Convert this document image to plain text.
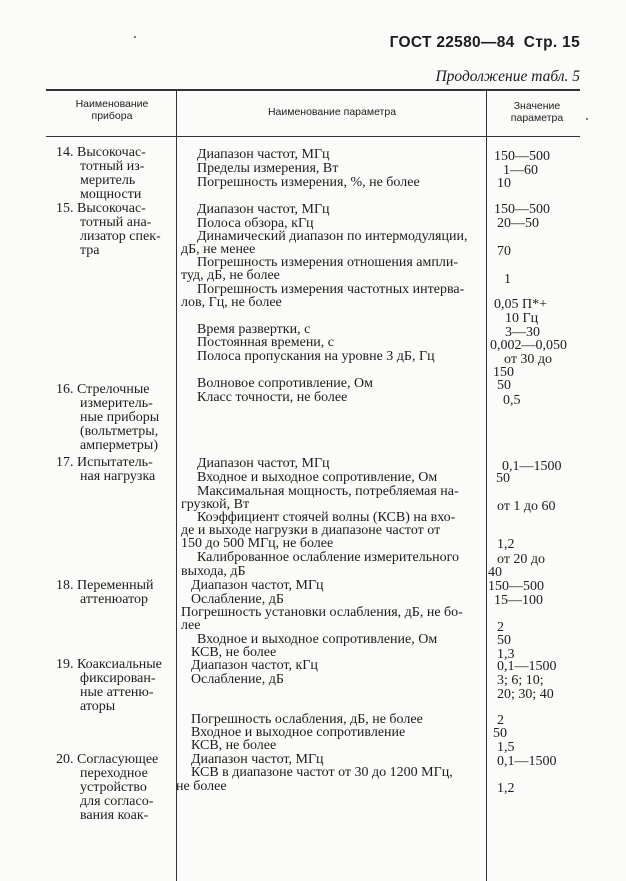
ГОСТ 22580—84 Стр. 15
Продолжение табл. 5
Наименование прибора	Наименование параметра	Значение параметра
14. Высокочас-
тотный из-
меритель
мощности
15. Высокочас-
тотный ана-
лизатор спек-
тра
16. Стрелочные
измеритель-
ные приборы
(вольтметры,
амперметры)
17. Испытатель-
ная нагрузка
18. Переменный
аттенюатор
19. Коаксиальные
фиксирован-
ные аттеню-
аторы
20. Согласующее
переходное
устройство
для согласо-
вания коак-
Диапазон частот, МГц
Пределы измерения, Вт
Погрешность измерения, %, не более
Диапазон частот, МГц
Полоса обзора, кГц
Динамический диапазон по интермодуляции,
дБ, не менее
Погрешность измерения отношения ампли-
туд, дБ, не более
Погрешность измерения частотных интерва-
лов, Гц, не более
Время развертки, с
Постоянная времени, с
Полоса пропускания на уровне 3 дБ, Гц
Волновое сопротивление, Ом
Класс точности, не более
Диапазон частот, МГц
Входное и выходное сопротивление, Ом
Максимальная мощность, потребляемая на-
грузкой, Вт
Коэффициент стоячей волны (КСВ) на вхо-
де и выходе нагрузки в диапазоне частот от
150 до 500 МГц, не более
Калиброванное ослабление измерительного
выхода, дБ
Диапазон частот, МГц
Ослабление, дБ
Погрешность установки ослабления, дБ, не бо-
лее
Входное и выходное сопротивление, Ом
КСВ, не более
Диапазон частот, кГц
Ослабление, дБ
Погрешность ослабления, дБ, не более
Входное и выходное сопротивление
КСВ, не более
Диапазон частот, МГц
КСВ в диапазоне частот от 30 до 1200 МГц,
не более
150—500
1—60
10
150—500
20—50
70
1
0,05 П*+
10 Гц
3—30
0,002—0,050
от 30 до
150
50
0,5
0,1—1500
50
от 1 до 60
1,2
от 20 до
40
150—500
15—100
2
50
1,3
0,1—1500
3; 6; 10;
20; 30; 40
2
50
1,5
0,1—1500
1,2
